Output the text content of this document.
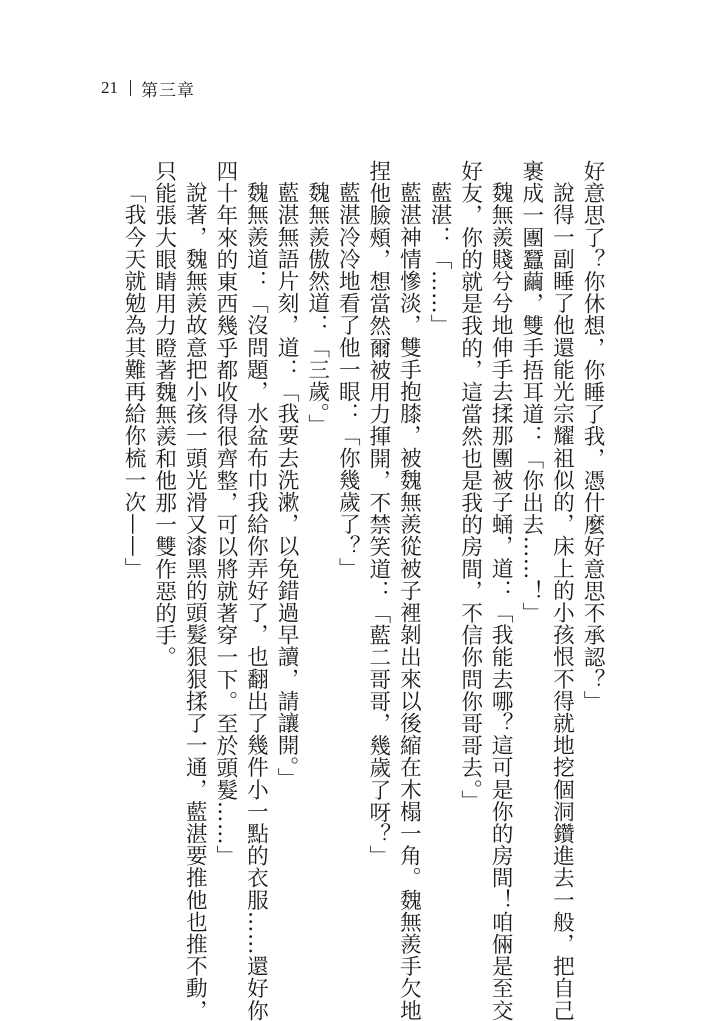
21 第三章
好意思了？你休想，你睡了我，憑什麼好意思不承認？」
說得一副睡了他還能光宗耀祖似的，床上的小孩恨不得就地挖個洞鑽進去一般，把自己
裹成一團蠶繭，雙手捂耳道：「你出去……！」
魏無羨賤兮兮地伸手去揉那團被子蛹，道：「我能去哪？這可是你的房間！咱倆是至交
好友，你的就是我的，這當然也是我的房間，不信你問你哥哥去。」
藍湛：「……」
藍湛神情慘淡，雙手抱膝，被魏無羨從被子裡剝出來以後縮在木榻一角。魏無羨手欠地
捏他臉頰，想當然爾被用力揮開，不禁笑道：「藍二哥哥，幾歲了呀？」
藍湛冷冷地看了他一眼：「你幾歲了？」
魏無羨傲然道：「三歲。」
藍湛無語片刻，道：「我要去洗漱，以免錯過早讀，請讓開。」
魏無羨道：「沒問題，水盆布巾我給你弄好了，也翻出了幾件小一點的衣服……還好你
四十年來的東西幾乎都收得很齊整，可以將就著穿一下。至於頭髮……」
說著，魏無羨故意把小孩一頭光滑又漆黑的頭髮狠狠揉了一通，藍湛要推他也推不動，
只能張大眼睛用力瞪著魏無羨和他那一雙作惡的手。
「我今天就勉為其難再給你梳一次——」
